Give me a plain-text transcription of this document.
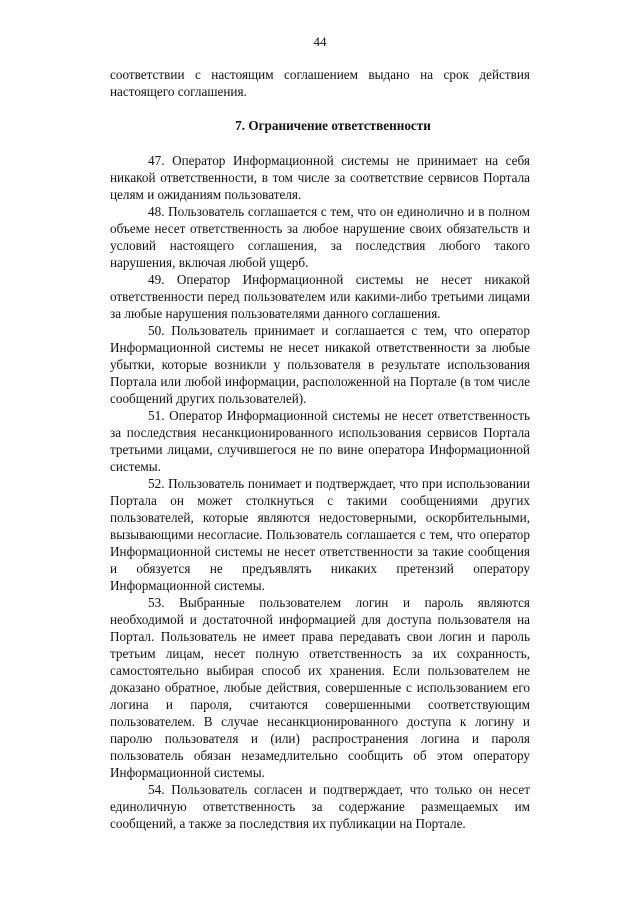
44

соответствии с настоящим соглашением выдано на срок действия настоящего соглашения.

7. Ограничение ответственности

47. Оператор Информационной системы не принимает на себя никакой ответственности, в том числе за соответствие сервисов Портала целям и ожиданиям пользователя.

48. Пользователь соглашается с тем, что он единолично и в полном объеме несет ответственность за любое нарушение своих обязательств и условий настоящего соглашения, за последствия любого такого нарушения, включая любой ущерб.

49. Оператор Информационной системы не несет никакой ответственности перед пользователем или какими-либо третьими лицами за любые нарушения пользователями данного соглашения.

50. Пользователь принимает и соглашается с тем, что оператор Информационной системы не несет никакой ответственности за любые убытки, которые возникли у пользователя в результате использования Портала или любой информации, расположенной на Портале (в том числе сообщений других пользователей).

51. Оператор Информационной системы не несет ответственность за последствия несанкционированного использования сервисов Портала третьими лицами, случившегося не по вине оператора Информационной системы.

52. Пользователь понимает и подтверждает, что при использовании Портала он может столкнуться с такими сообщениями других пользователей, которые являются недостоверными, оскорбительными, вызывающими несогласие. Пользователь соглашается с тем, что оператор Информационной системы не несет ответственности за такие сообщения и обязуется не предъявлять никаких претензий оператору Информационной системы.

53. Выбранные пользователем логин и пароль являются необходимой и достаточной информацией для доступа пользователя на Портал. Пользователь не имеет права передавать свои логин и пароль третьим лицам, несет полную ответственность за их сохранность, самостоятельно выбирая способ их хранения. Если пользователем не доказано обратное, любые действия, совершенные с использованием его логина и пароля, считаются совершенными соответствующим пользователем. В случае несанкционированного доступа к логину и паролю пользователя и (или) распространения логина и пароля пользователь обязан незамедлительно сообщить об этом оператору Информационной системы.

54. Пользователь согласен и подтверждает, что только он несет единоличную ответственность за содержание размещаемых им сообщений, а также за последствия их публикации на Портале.
